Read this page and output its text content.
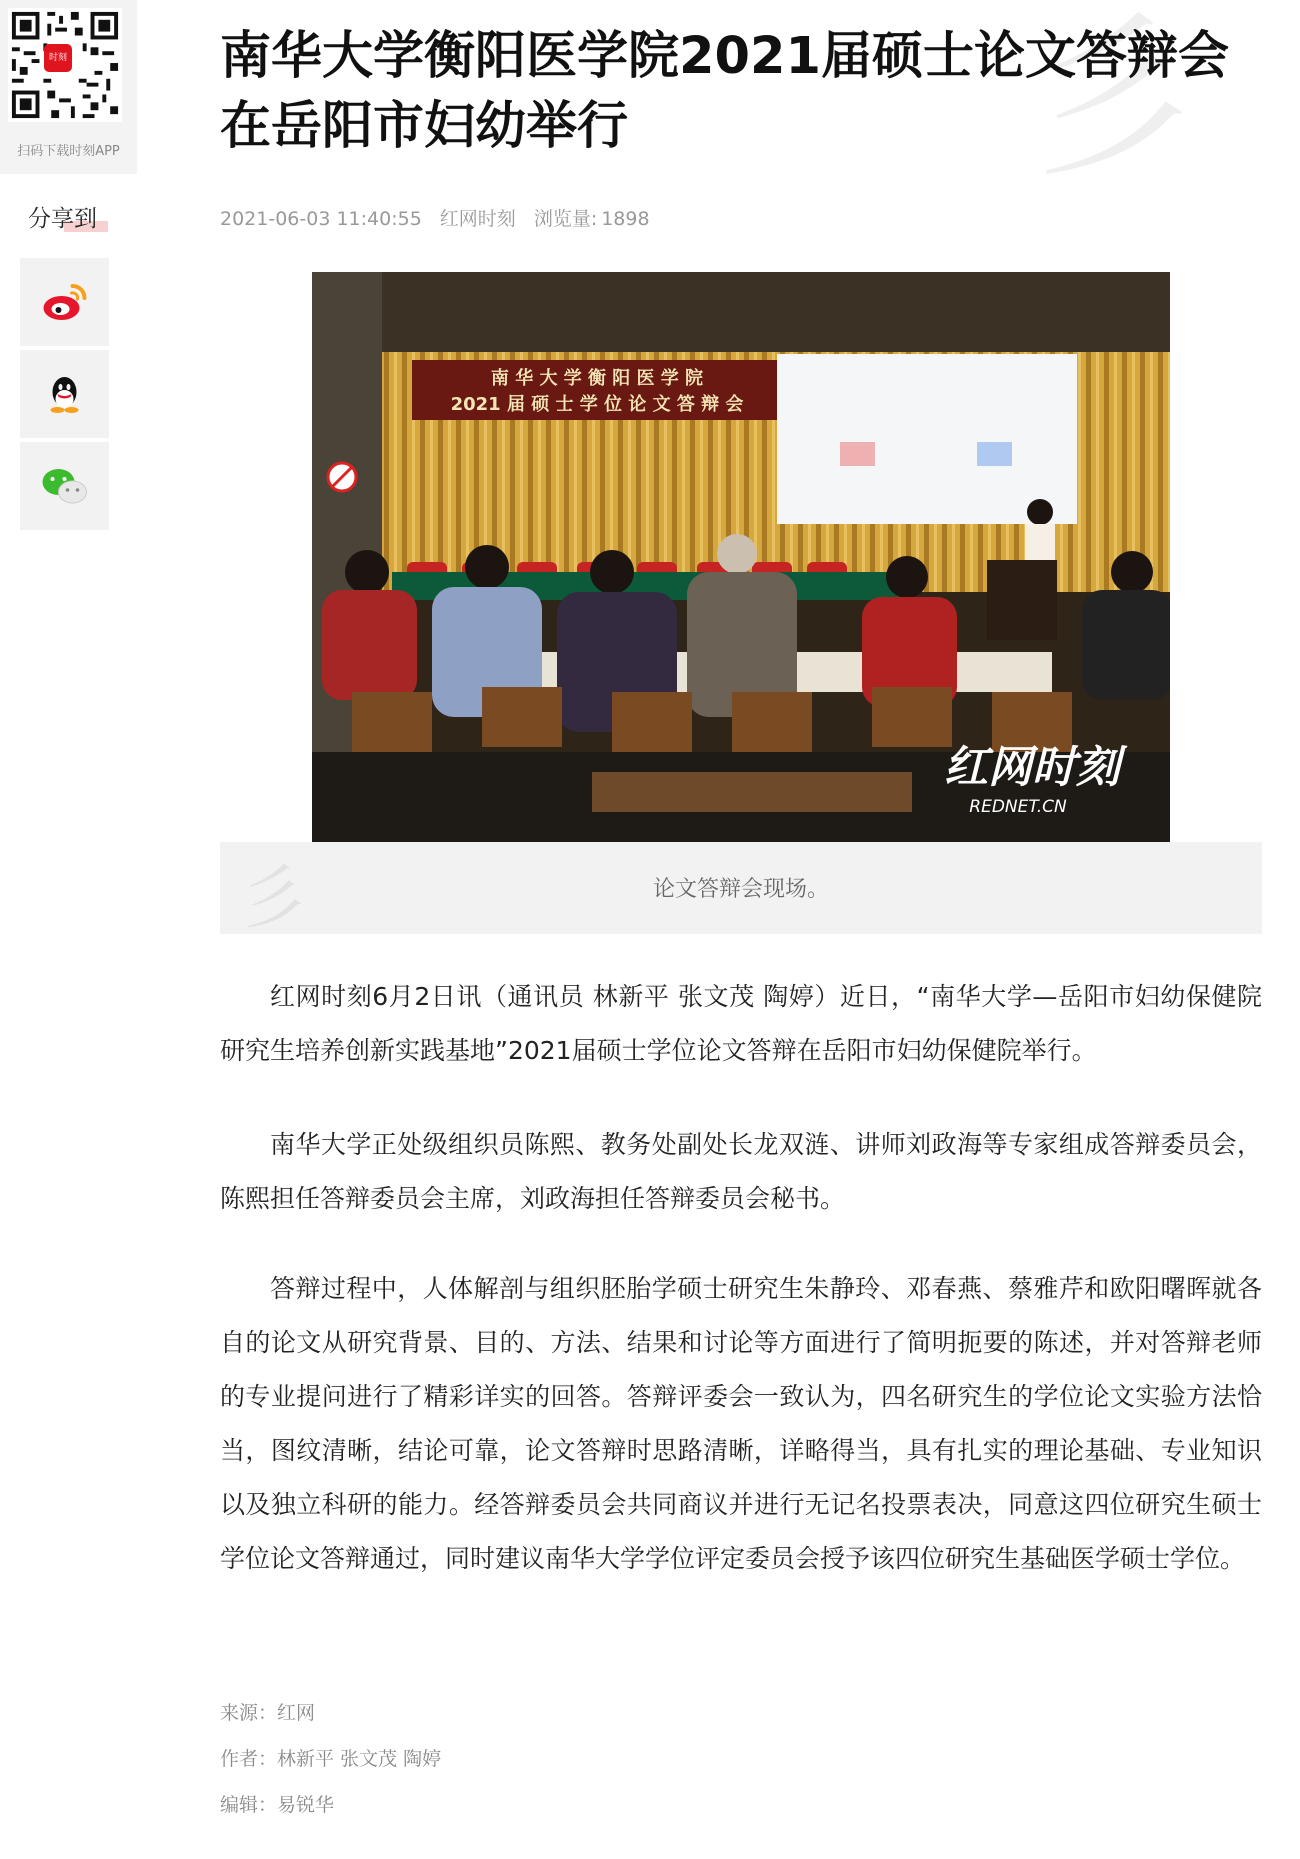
时刻
扫码下载时刻APP
分享到
彡
南华大学衡阳医学院2021届硕士论文答辩会在岳阳市妇幼举行
2021-06-03 11:40:55 红网时刻 浏览量: 1898
南 华 大 学 衡 阳 医 学 院
2021 届 硕 士 学 位 论 文 答 辩 会
红网时刻
REDNET.CN
彡	论文答辩会现场。

红网时刻6月2日讯（通讯员 林新平 张文茂 陶婷）近日，“南华大学—岳阳市妇幼保健院研究生培养创新实践基地”2021届硕士学位论文答辩在岳阳市妇幼保健院举行。

南华大学正处级组织员陈熙、教务处副处长龙双涟、讲师刘政海等专家组成答辩委员会，陈熙担任答辩委员会主席，刘政海担任答辩委员会秘书。

答辩过程中，人体解剖与组织胚胎学硕士研究生朱静玲、邓春燕、蔡雅芹和欧阳曙晖就各自的论文从研究背景、目的、方法、结果和讨论等方面进行了简明扼要的陈述，并对答辩老师的专业提问进行了精彩详实的回答。答辩评委会一致认为，四名研究生的学位论文实验方法恰当，图纹清晰，结论可靠，论文答辩时思路清晰，详略得当，具有扎实的理论基础、专业知识以及独立科研的能力。经答辩委员会共同商议并进行无记名投票表决，同意这四位研究生硕士学位论文答辩通过，同时建议南华大学学位评定委员会授予该四位研究生基础医学硕士学位。

来源：红网
作者：林新平 张文茂 陶婷
编辑：易锐华
